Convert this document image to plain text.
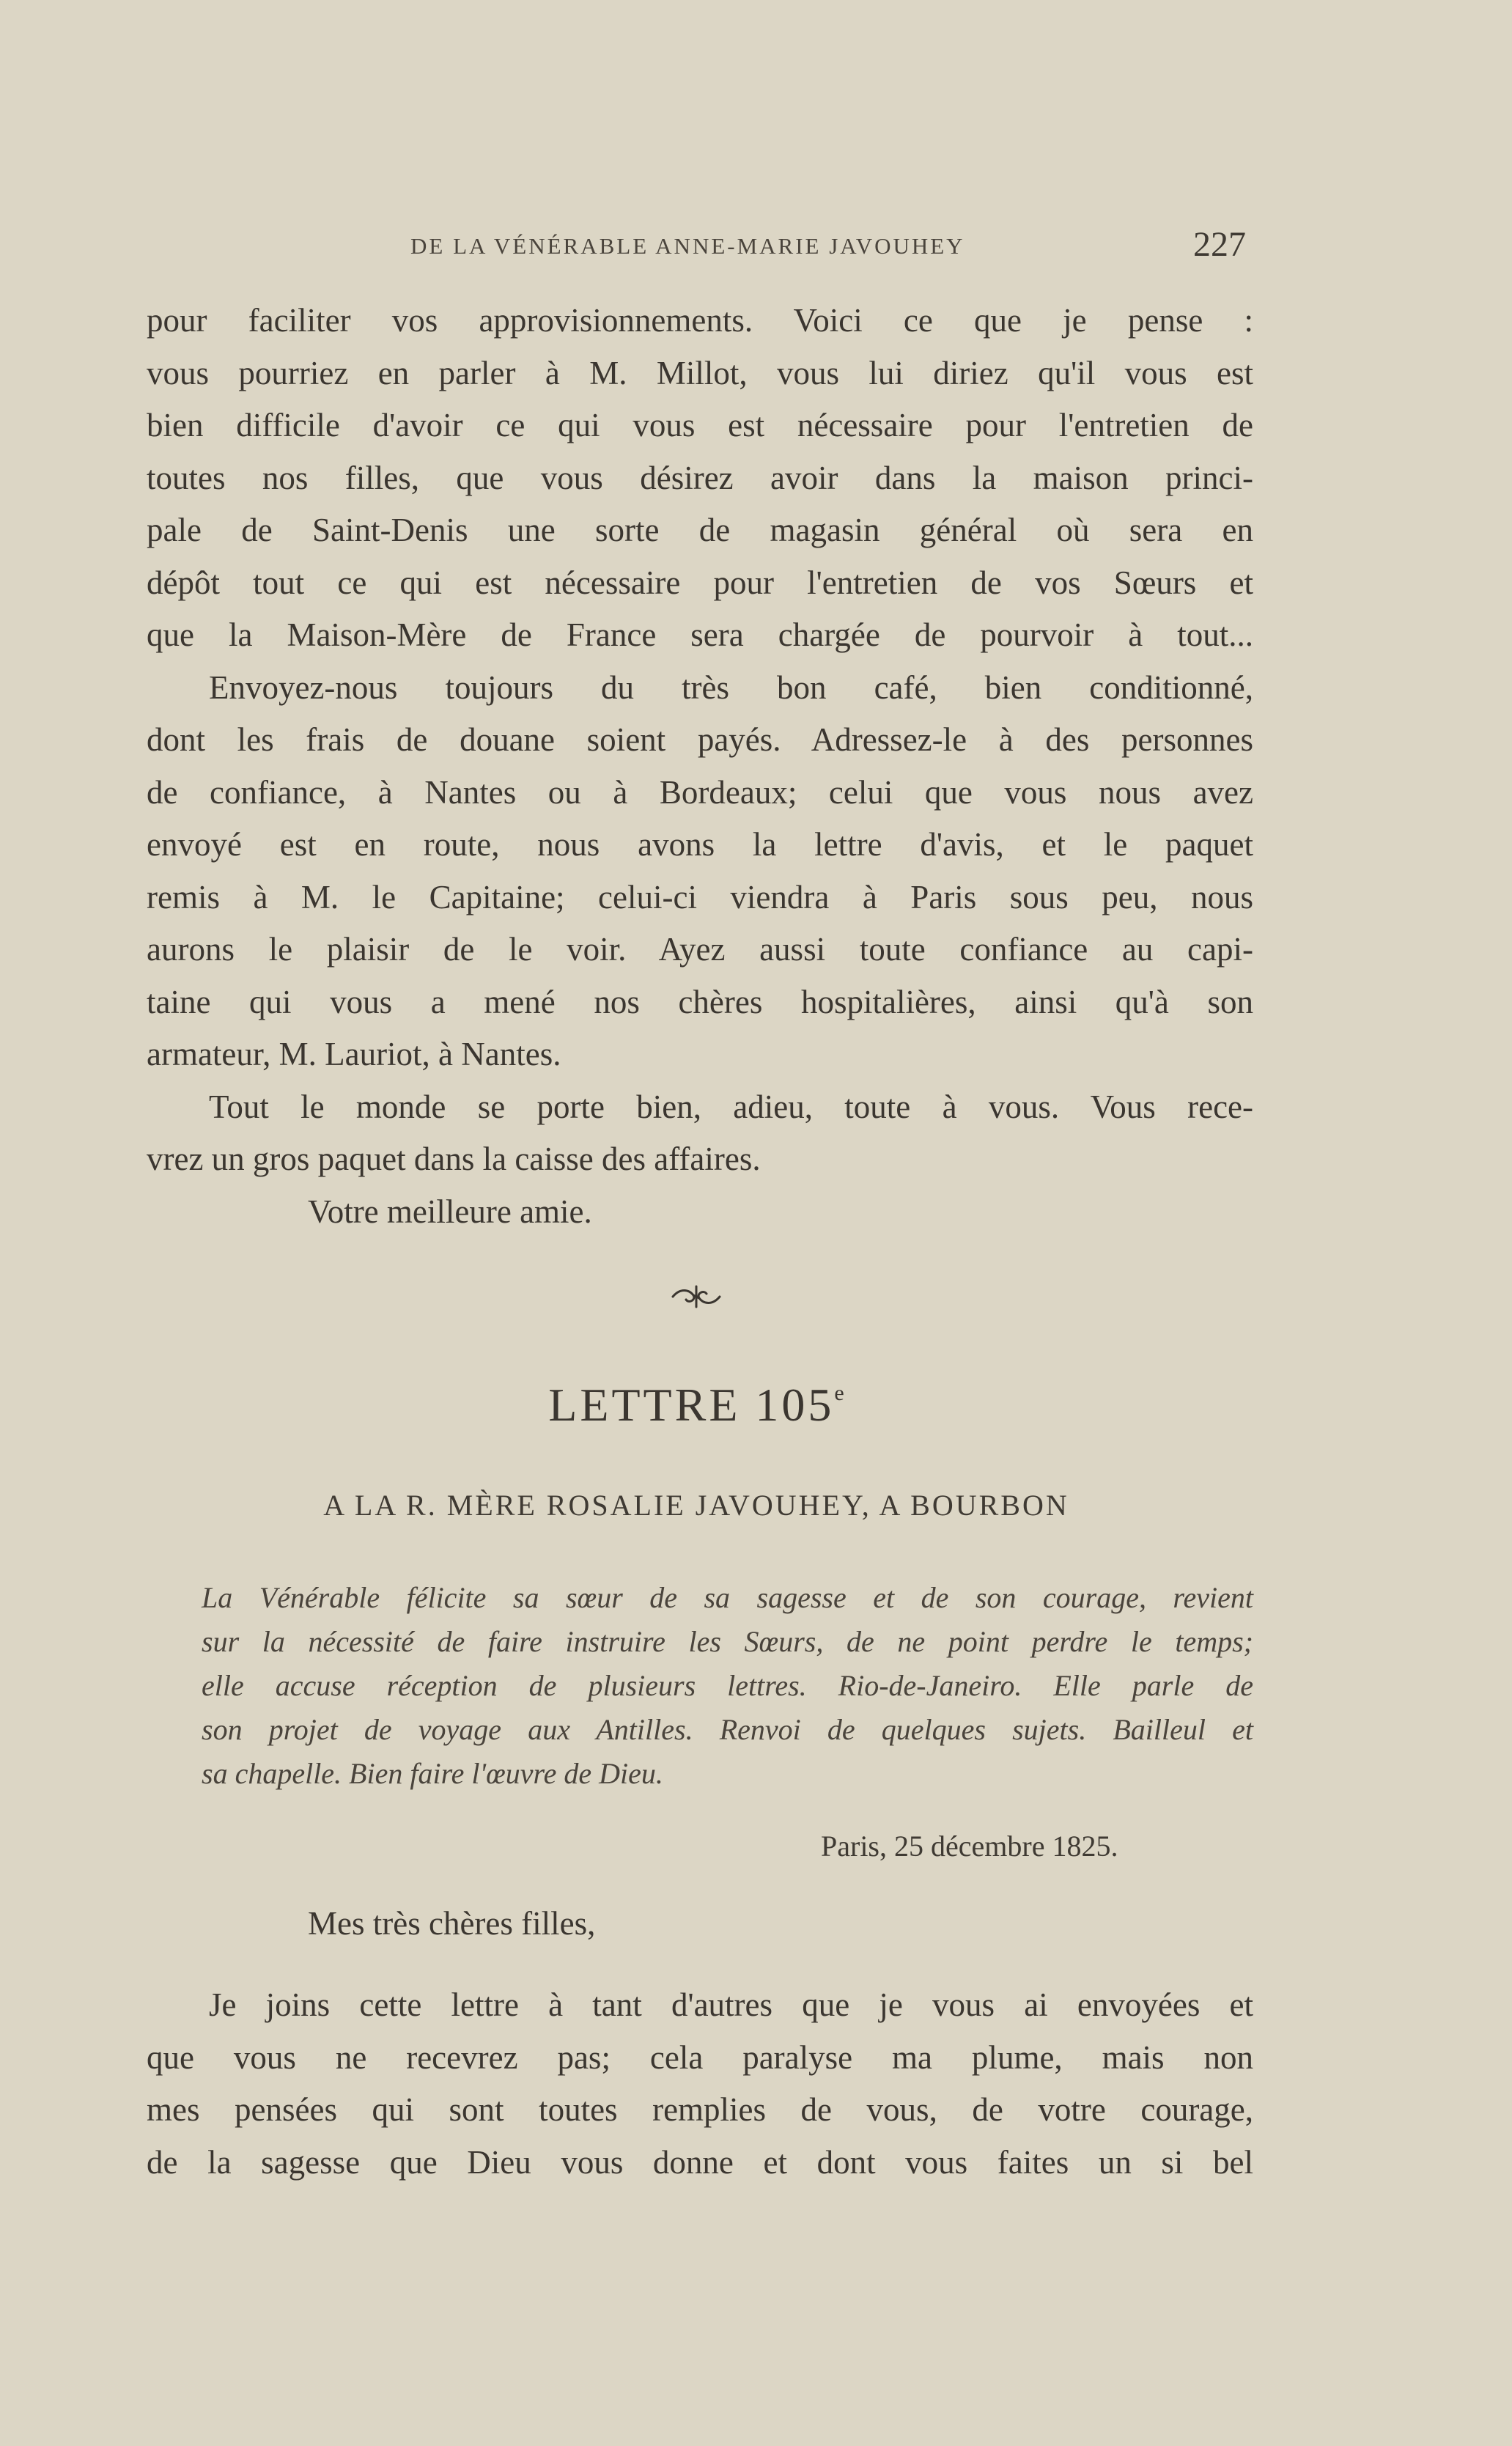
DE LA VÉNÉRABLE ANNE-MARIE JAVOUHEY	227
pour faciliter vos approvisionnements. Voici ce que je pense :
vous pourriez en parler à M. Millot, vous lui diriez qu'il vous est
bien difficile d'avoir ce qui vous est nécessaire pour l'entretien de
toutes nos filles, que vous désirez avoir dans la maison princi-
pale de Saint-Denis une sorte de magasin général où sera en
dépôt tout ce qui est nécessaire pour l'entretien de vos Sœurs et
que la Maison-Mère de France sera chargée de pourvoir à tout...
Envoyez-nous toujours du très bon café, bien conditionné,
dont les frais de douane soient payés. Adressez-le à des personnes
de confiance, à Nantes ou à Bordeaux; celui que vous nous avez
envoyé est en route, nous avons la lettre d'avis, et le paquet
remis à M. le Capitaine; celui-ci viendra à Paris sous peu, nous
aurons le plaisir de le voir. Ayez aussi toute confiance au capi-
taine qui vous a mené nos chères hospitalières, ainsi qu'à son
armateur, M. Lauriot, à Nantes.
Tout le monde se porte bien, adieu, toute à vous. Vous rece-
vrez un gros paquet dans la caisse des affaires.
Votre meilleure amie.
LETTRE 105e
A LA R. MÈRE ROSALIE JAVOUHEY, A BOURBON
La Vénérable félicite sa sœur de sa sagesse et de son courage, revient
sur la nécessité de faire instruire les Sœurs, de ne point perdre le temps;
elle accuse réception de plusieurs lettres. Rio-de-Janeiro. Elle parle de
son projet de voyage aux Antilles. Renvoi de quelques sujets. Bailleul et
sa chapelle. Bien faire l'œuvre de Dieu.
Paris, 25 décembre 1825.
Mes très chères filles,
Je joins cette lettre à tant d'autres que je vous ai envoyées et
que vous ne recevrez pas; cela paralyse ma plume, mais non
mes pensées qui sont toutes remplies de vous, de votre courage,
de la sagesse que Dieu vous donne et dont vous faites un si bel
